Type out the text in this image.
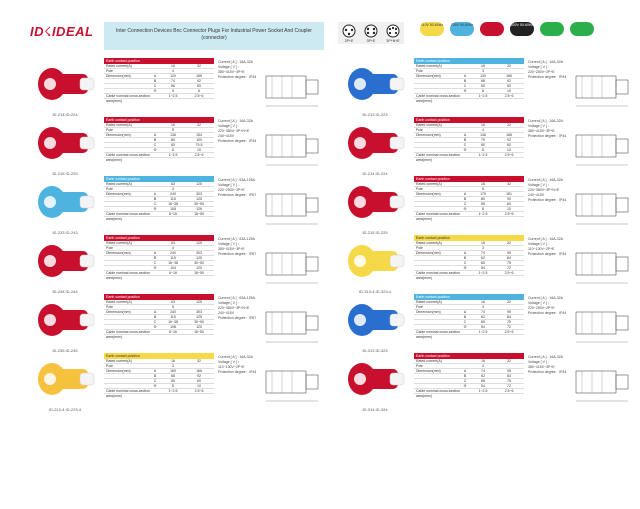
ID☇IDEAL	Inter Connection Devices Bnc Connector Plugs For Industrial Power Socket And Coupler (connector)
ID-214 ID-224
Earth contact position
Rated current(A)	16	32
Pole	4
Dimension(mm)	A	120	155
B	74	92
C	56	60
Φ	9	6
Cable nominal cross-section area(mm²)
1~2.5	2.5~6
Current [ A ] : 16A-32A
Voltage [ V ] : 380~415V~3P+E
Protection degree：IP44
ID-215 ID-225
Earth contact position
Rated current(A)	16	32
Pole	5
Dimension(mm)	A	136	154
B	80	100
C	83	79.5
Φ	8	10
Cable nominal cross-section area(mm²)
1~2.5	2.5~6
Current [ A ] : 16A-32A
Voltage [ V ] : 220~380V~3P+N+E
240~415V
Protection degree：IP44
ID-233 ID-243
Earth contact position
Rated current(A)	63	125
Pole	3
Dimension(mm)	A	240	303
B	115	125
C	16~38	30~50
Φ	108	126
Cable nominal cross-section area(mm²)
6~16	16~50
Current [ A ] : 63A-125A
Voltage [ V ] : 220~250V~2P+E
Protection degree：IP67
ID-234 ID-244
Earth contact position
Rated current(A)	63	125
Pole	4
Dimension(mm)	A	240	303
B	115	125
C	16~38	30~50
Φ	104	120
Cable nominal cross-section area(mm²)
6~16	16~50
Current [ A ] : 63A-125A
Voltage [ V ] : 380~415V~3P+E
Protection degree：IP67
ID-235 ID-245
Earth contact position
Rated current(A)	63	125
Pole	5
Dimension(mm)	A	240	303
B	115	125
C	16~38	30~50
Φ	108	120
Cable nominal cross-section area(mm²)
6~16	16~50
Current [ A ] : 63A-125A
Voltage [ V ] : 220~380V~3P+N+E
240~415V
Protection degree：IP67
ID-213-4 ID-223-4
Earth contact position
Rated current(A)	16	32
Pole	3
Dimension(mm)	A	160	166
B	68	92
C	50	60
Φ	8	10
Cable nominal cross-section area(mm²)
1~2.5	2.5~6
Current [ A ] : 16A-32A
Voltage [ V ] : 110~130V~2P+E
Protection degree：IP44
2P+E	3P+E	3P+N+E
110V 50-60Hz 230V 50-60Hz	500V 50-60Hz
ID-213 ID-223
Earth contact position
Rated current(A)	16	32
Pole	3
Dimension(mm)	A	130	166
B	68	92
C	50	60
Φ	8	10
Cable nominal cross-section area(mm²)
1~2.5	2.5~6
Current [ A ] : 16A-32A
Voltage [ V ] : 220~250V~2P+E
Protection degree：IP44
ID-214 ID-224
Earth contact position
Rated current(A)	16	32
Pole	4
Dimension(mm)	A	146	166
B	79	92
C	60	60
Φ	8	10
Cable nominal cross-section area(mm²)
1~2.5	2.5~6
Current [ A ] : 16A-32A
Voltage [ V ] : 380~415V~3P+E
Protection degree：IP44
ID-215 ID-225
Earth contact position
Rated current(A)	16	32
Pole	5
Dimension(mm)	A	175	181
B	80	90
C	55	60
Φ	8	10
Cable nominal cross-section area(mm²)
1~2.5	2.5~6
Current [ A ] : 16A-32A
Voltage [ V ] : 220~380V~3P+N+E
240~415V
Protection degree：IP44
ID-313-4 ID-323-4
Earth contact position
Rated current(A)	16	32
Pole	3
Dimension(mm)	A	74	95
B	62	84
C	65	75
Φ	54	72
Cable nominal cross-section area(mm²)
1~2.5	2.5~6
Current [ A ] : 16A-32A
Voltage [ V ] : 110~130V~2P+E
Protection degree：IP44
ID-313 ID-323
Earth contact position
Rated current(A)	16	32
Pole	3
Dimension(mm)	A	74	95
B	62	84
C	65	75
Φ	54	72
Cable nominal cross-section area(mm²)
1~2.5	2.5~6
Current [ A ] : 16A-32A
Voltage [ V ] : 220~250V~2P+E
Protection degree：IP44
ID-314 ID-324
Earth contact position
Rated current(A)	16	32
Pole	4
Dimension(mm)	A	74	95
B	62	84
C	65	75
Φ	54	72
Cable nominal cross-section area(mm²)
1~2.5	2.5~6
Current [ A ] : 16A-32A
Voltage [ V ] : 380~415V~3P+E
Protection degree：IP44
